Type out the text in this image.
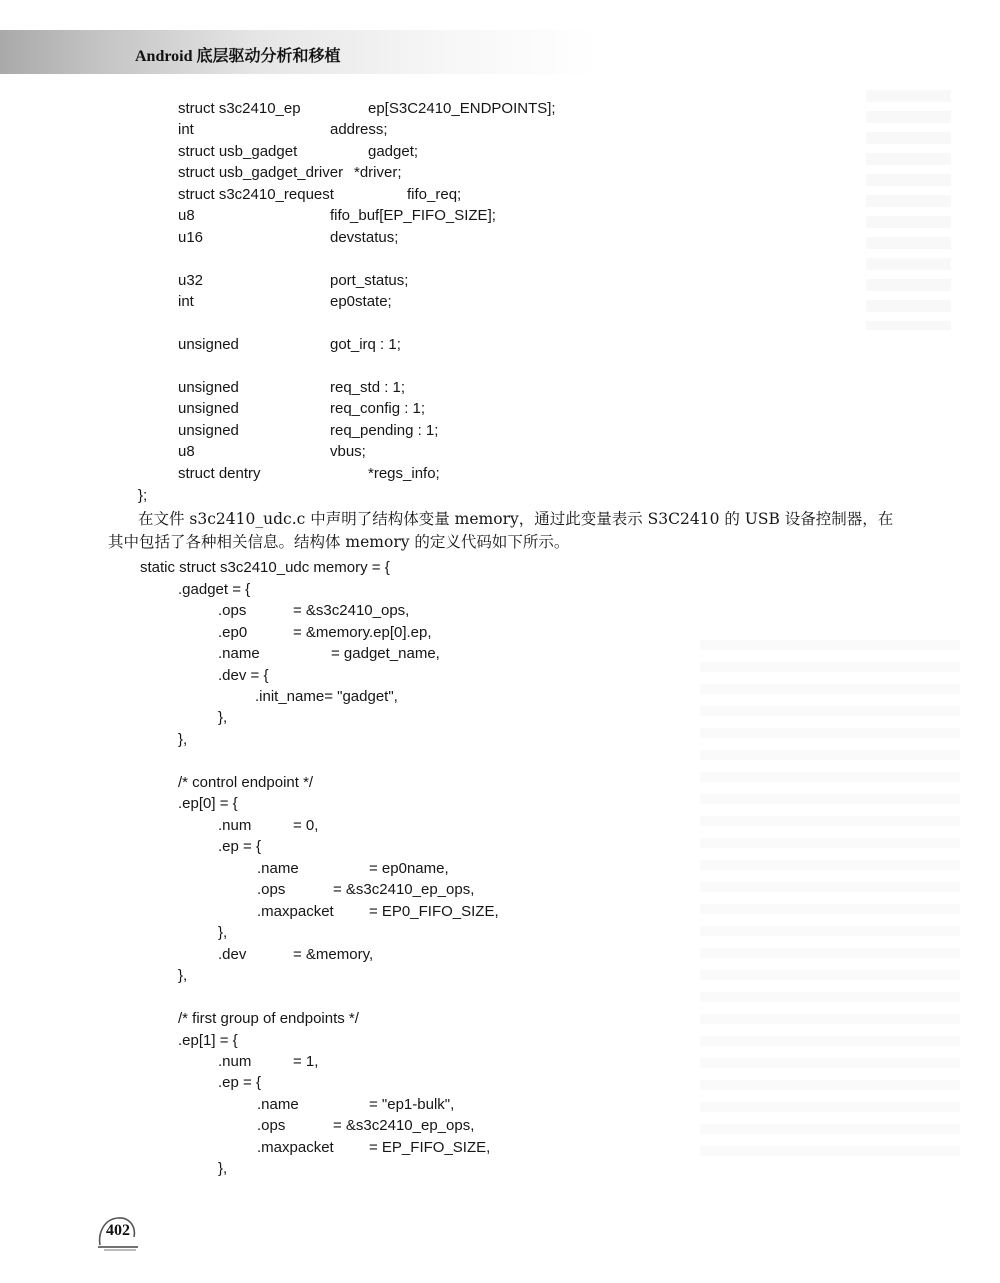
Android 底层驱动分析和移植
struct s3c2410_ep	ep[S3C2410_ENDPOINTS];
int	address;
struct usb_gadget	gadget;
struct usb_gadget_driver *driver;
struct s3c2410_request	fifo_req;
u8	fifo_buf[EP_FIFO_SIZE];
u16	devstatus;
u32	port_status;
int	ep0state;
unsigned	got_irq : 1;
unsigned	req_std : 1;
unsigned	req_config : 1;
unsigned	req_pending : 1;
u8	vbus;
struct dentry	*regs_info;
};
在文件 s3c2410_udc.c 中声明了结构体变量 memory，通过此变量表示 S3C2410 的 USB 设备控制器，在
其中包括了各种相关信息。结构体 memory 的定义代码如下所示。
static struct s3c2410_udc memory = {
.gadget = {
.ops	= &s3c2410_ops,
.ep0	= &memory.ep[0].ep,
.name	= gadget_name,
.dev = {
.init_name= "gadget",
},
},
/* control endpoint */
.ep[0] = {
.num	= 0,
.ep = {
.name	= ep0name,
.ops	= &s3c2410_ep_ops,
.maxpacket = EP0_FIFO_SIZE,
},
.dev	= &memory,
},
/* first group of endpoints */
.ep[1] = {
.num	= 1,
.ep = {
.name	= "ep1-bulk",
.ops	= &s3c2410_ep_ops,
.maxpacket = EP_FIFO_SIZE,
},
402
